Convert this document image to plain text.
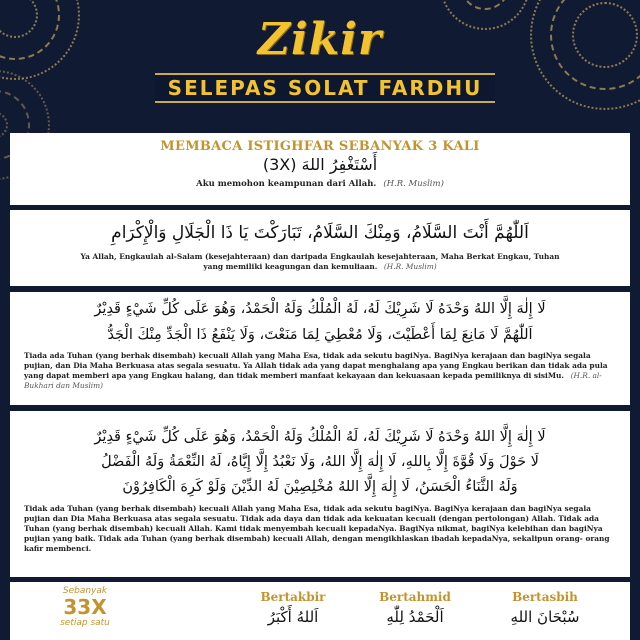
Zikir
SELEPAS SOLAT FARDHU
MEMBACA ISTIGHFAR SEBANYAK 3 KALI
أَسْتَغْفِرُ اللهَ (3X)
Aku memohon keampunan dari Allah. (H.R. Muslim)
اَللّٰهُمَّ أَنْتَ السَّلَامُ، وَمِنْكَ السَّلَامُ، تَبَارَكْتَ يَا ذَا الْجَلَالِ وَالْإِكْرَامِ
Ya Allah, Engkaulah al-Salam (kesejahteraan) dan daripada Engkaulah kesejahteraan, Maha Berkat Engkau, Tuhan yang memiliki keagungan dan kemuliaan. (H.R. Muslim)
لَا إِلٰهَ إِلَّا اللهُ وَحْدَهُ لَا شَرِيْكَ لَهُ، لَهُ الْمُلْكُ وَلَهُ الْحَمْدُ، وَهُوَ عَلَى كُلِّ شَيْءٍ قَدِيْرٌ
اَللّٰهُمَّ لَا مَانِعَ لِمَا أَعْطَيْتَ، وَلَا مُعْطِيَ لِمَا مَنَعْتَ، وَلَا يَنْفَعُ ذَا الْجَدِّ مِنْكَ الْجَدُّ
Tiada ada Tuhan (yang berhak disembah) kecuali Allah yang Maha Esa, tidak ada sekutu bagiNya. BagiNya kerajaan dan bagiNya segala pujian, dan Dia Maha Berkuasa atas segala sesuatu. Ya Allah tidak ada yang dapat menghalang apa yang Engkau berikan dan tidak ada pula yang dapat memberi apa yang Engkau halang, dan tidak memberi manfaat kekayaan dan kekuasaan kepada pemiliknya di sisiMu. (H.R. al-Bukhari dan Muslim)
لَا إِلٰهَ إِلَّا اللهُ وَحْدَهُ لَا شَرِيْكَ لَهُ، لَهُ الْمُلْكُ وَلَهُ الْحَمْدُ، وَهُوَ عَلَى كُلِّ شَيْءٍ قَدِيْرٌ
لَا حَوْلَ وَلَا قُوَّةَ إِلَّا بِاللهِ، لَا إِلٰهَ إِلَّا اللهُ، وَلَا نَعْبُدُ إِلَّا إِيَّاهُ، لَهُ النِّعْمَةُ وَلَهُ الْفَضْلُ
وَلَهُ الثَّنَاءُ الْحَسَنُ، لَا إِلٰهَ إِلَّا اللهُ مُخْلِصِيْنَ لَهُ الدِّيْنَ وَلَوْ كَرِهَ الْكَافِرُوْنَ
Tidak ada Tuhan (yang berhak disembah) kecuali Allah yang Maha Esa, tidak ada sekutu bagiNya. BagiNya kerajaan dan bagiNya segala pujian dan Dia Maha Berkuasa atas segala sesuatu. Tidak ada daya dan tidak ada kekuatan kecuali (dengan pertolongan) Allah. Tidak ada Tuhan (yang berhak disembah) kecuali Allah. Kami tidak menyembah kecuali kepadaNya. BagiNya nikmat, bagiNya kelebihan dan bagiNya pujian yang baik. Tidak ada Tuhan (yang berhak disembah) kecuali Allah, dengan mengikhlaskan ibadah kepadaNya, sekalipun orang- orang kafir membenci.
Sebanyak
33X
setiap satu
Bertakbir
اَللهُ أَكْبَرُ
Bertahmid
اَلْحَمْدُ لِلّٰهِ
Bertasbih
سُبْحَانَ اللهِ
